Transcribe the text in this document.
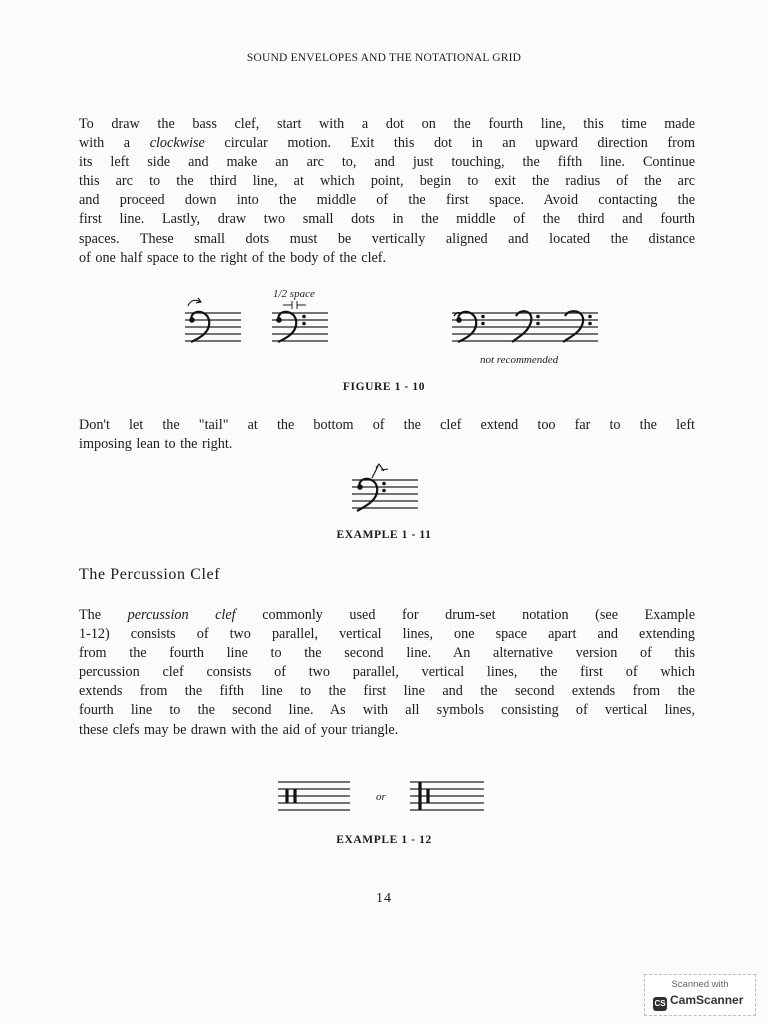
SOUND ENVELOPES AND THE NOTATIONAL GRID
To draw the bass clef, start with a dot on the fourth line, this time made
with a clockwise circular motion. Exit this dot in an upward direction from
its left side and make an arc to, and just touching, the fifth line. Continue
this arc to the third line, at which point, begin to exit the radius of the arc
and proceed down into the middle of the first space. Avoid contacting the
first line. Lastly, draw two small dots in the middle of the third and fourth
spaces. These small dots must be vertically aligned and located the distance
of one half space to the right of the body of the clef.
1/2 space
not recommended
FIGURE 1 - 10
Don't let the "tail" at the bottom of the clef extend too far to the left
imposing lean to the right.
EXAMPLE 1 - 11
The Percussion Clef
The percussion clef commonly used for drum-set notation (see Example
1-12) consists of two parallel, vertical lines, one space apart and extending
from the fourth line to the second line. An alternative version of this
percussion clef consists of two parallel, vertical lines, the first of which
extends from the fifth line to the first line and the second extends from the
fourth line to the second line. As with all symbols consisting of vertical lines,
these clefs may be drawn with the aid of your triangle.
or
EXAMPLE 1 - 12
14
Scanned with
CS CamScanner
